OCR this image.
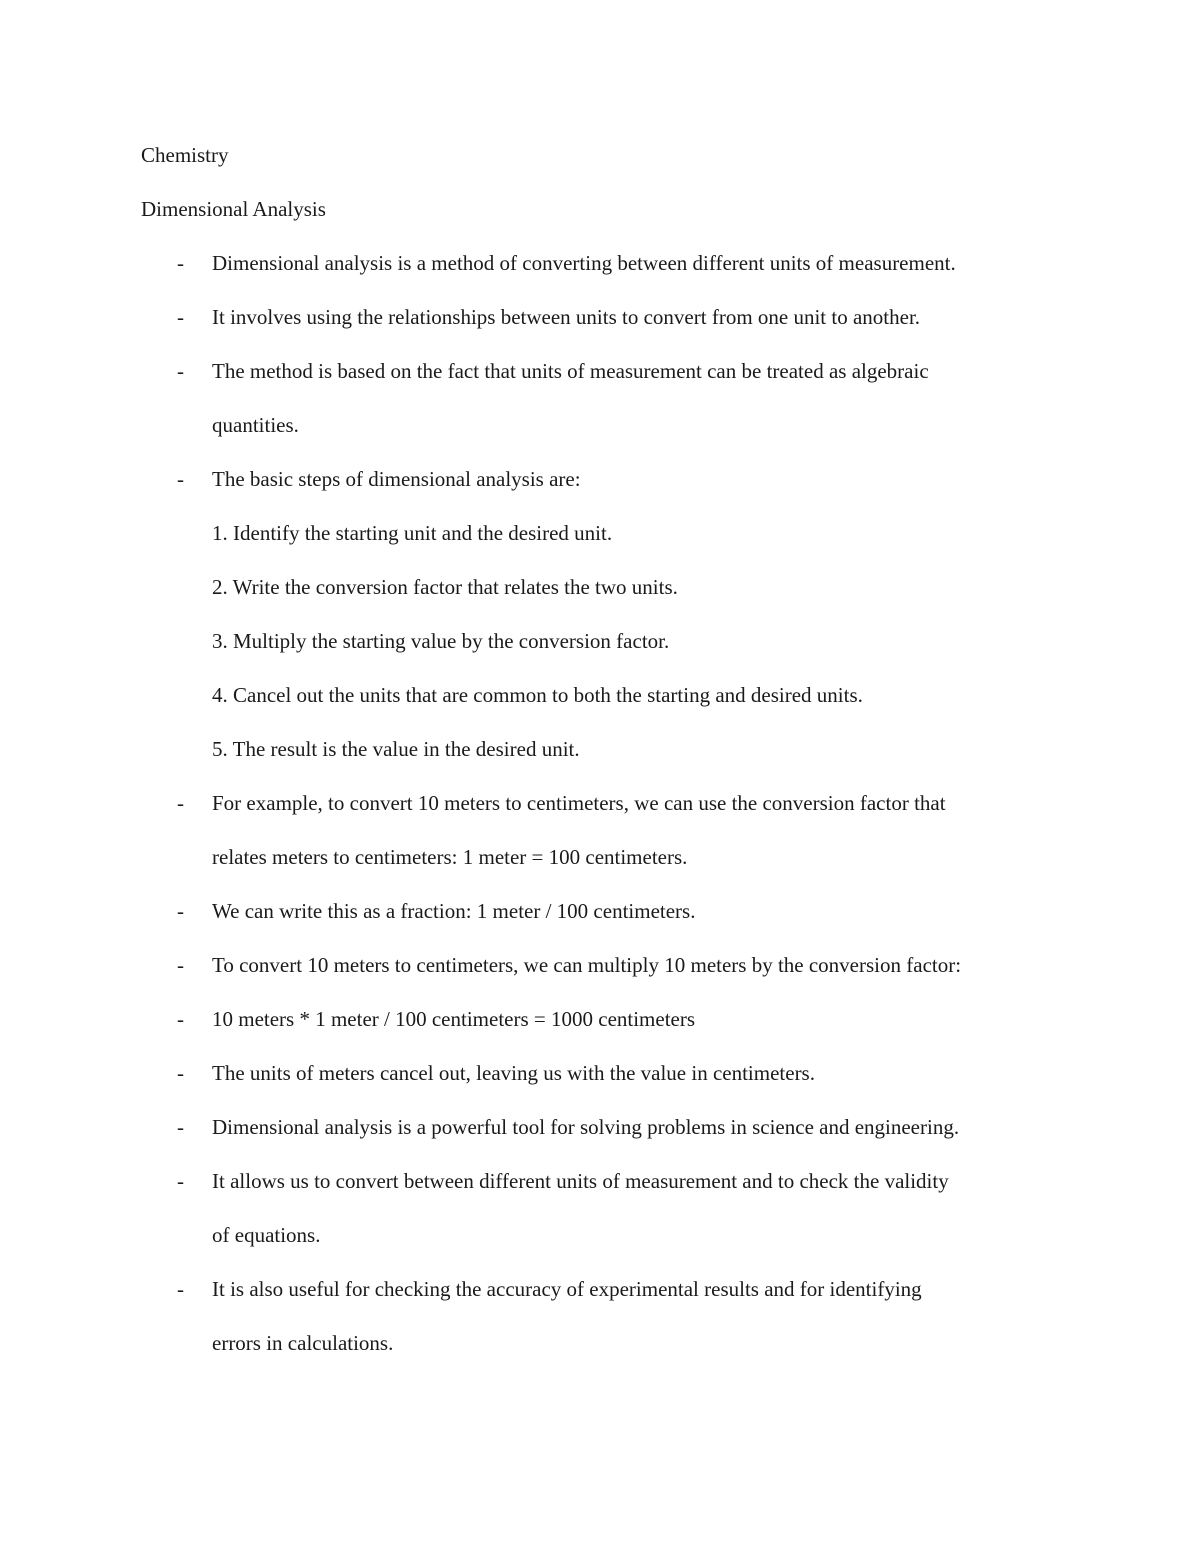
Chemistry
Dimensional Analysis
- Dimensional analysis is a method of converting between different units of measurement.
- It involves using the relationships between units to convert from one unit to another.
- The method is based on the fact that units of measurement can be treated as algebraic
quantities.
- The basic steps of dimensional analysis are:
1. Identify the starting unit and the desired unit.
2. Write the conversion factor that relates the two units.
3. Multiply the starting value by the conversion factor.
4. Cancel out the units that are common to both the starting and desired units.
5. The result is the value in the desired unit.
- For example, to convert 10 meters to centimeters, we can use the conversion factor that
relates meters to centimeters: 1 meter = 100 centimeters.
- We can write this as a fraction: 1 meter / 100 centimeters.
- To convert 10 meters to centimeters, we can multiply 10 meters by the conversion factor:
- 10 meters * 1 meter / 100 centimeters = 1000 centimeters
- The units of meters cancel out, leaving us with the value in centimeters.
- Dimensional analysis is a powerful tool for solving problems in science and engineering.
- It allows us to convert between different units of measurement and to check the validity
of equations.
- It is also useful for checking the accuracy of experimental results and for identifying
errors in calculations.
